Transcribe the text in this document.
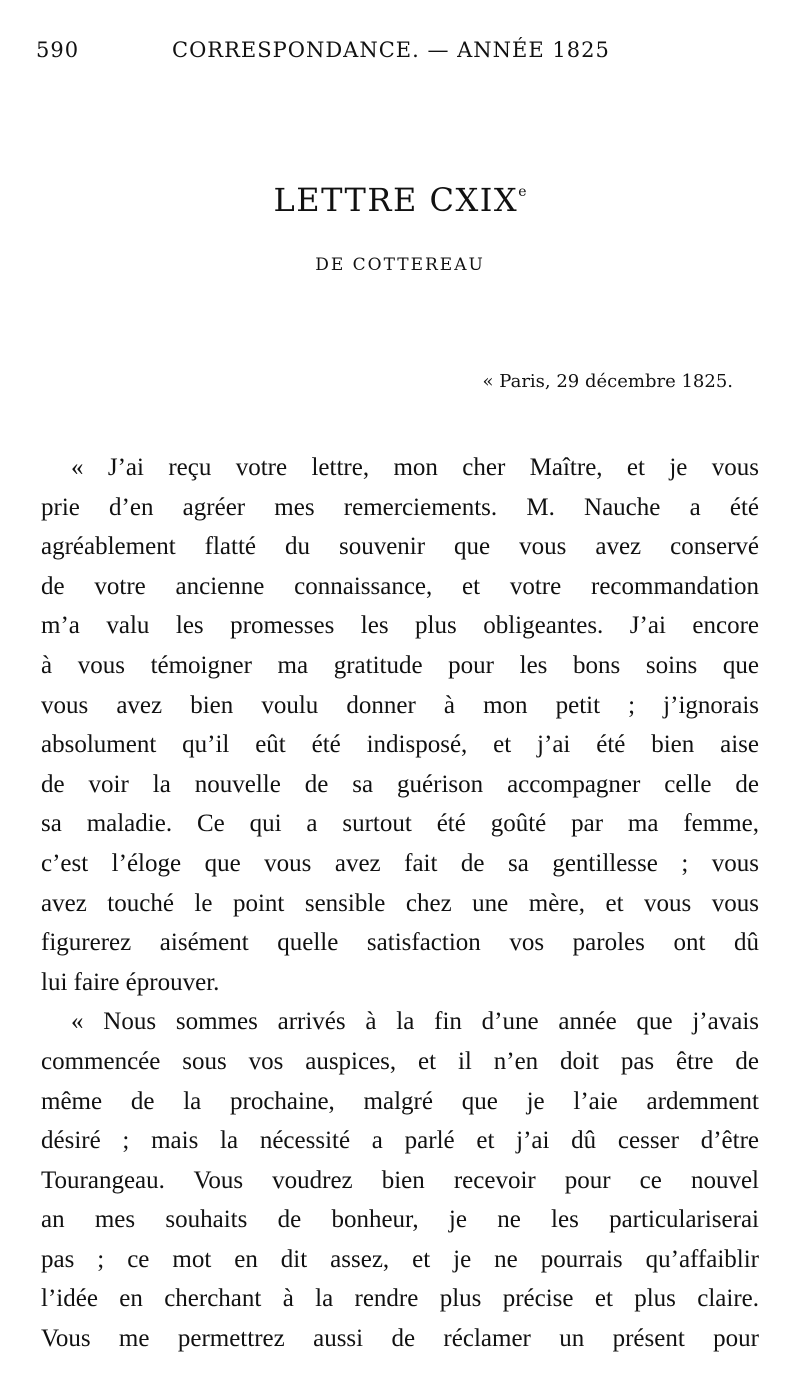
590	CORRESPONDANCE. — ANNÉE 1825
LETTRE CXIXe
DE COTTEREAU
« Paris, 29 décembre 1825.
« J’ai reçu votre lettre, mon cher Maître, et je vous
prie d’en agréer mes remerciements. M. Nauche a été
agréablement flatté du souvenir que vous avez conservé
de votre ancienne connaissance, et votre recommandation
m’a valu les promesses les plus obligeantes. J’ai encore
à vous témoigner ma gratitude pour les bons soins que
vous avez bien voulu donner à mon petit ; j’ignorais
absolument qu’il eût été indisposé, et j’ai été bien aise
de voir la nouvelle de sa guérison accompagner celle de
sa maladie. Ce qui a surtout été goûté par ma femme,
c’est l’éloge que vous avez fait de sa gentillesse ; vous
avez touché le point sensible chez une mère, et vous vous
figurerez aisément quelle satisfaction vos paroles ont dû
lui faire éprouver.
« Nous sommes arrivés à la fin d’une année que j’avais
commencée sous vos auspices, et il n’en doit pas être de
même de la prochaine, malgré que je l’aie ardemment
désiré ; mais la nécessité a parlé et j’ai dû cesser d’être
Tourangeau. Vous voudrez bien recevoir pour ce nouvel
an mes souhaits de bonheur, je ne les particulariserai
pas ; ce mot en dit assez, et je ne pourrais qu’affaiblir
l’idée en cherchant à la rendre plus précise et plus claire.
Vous me permettrez aussi de réclamer un présent pour
